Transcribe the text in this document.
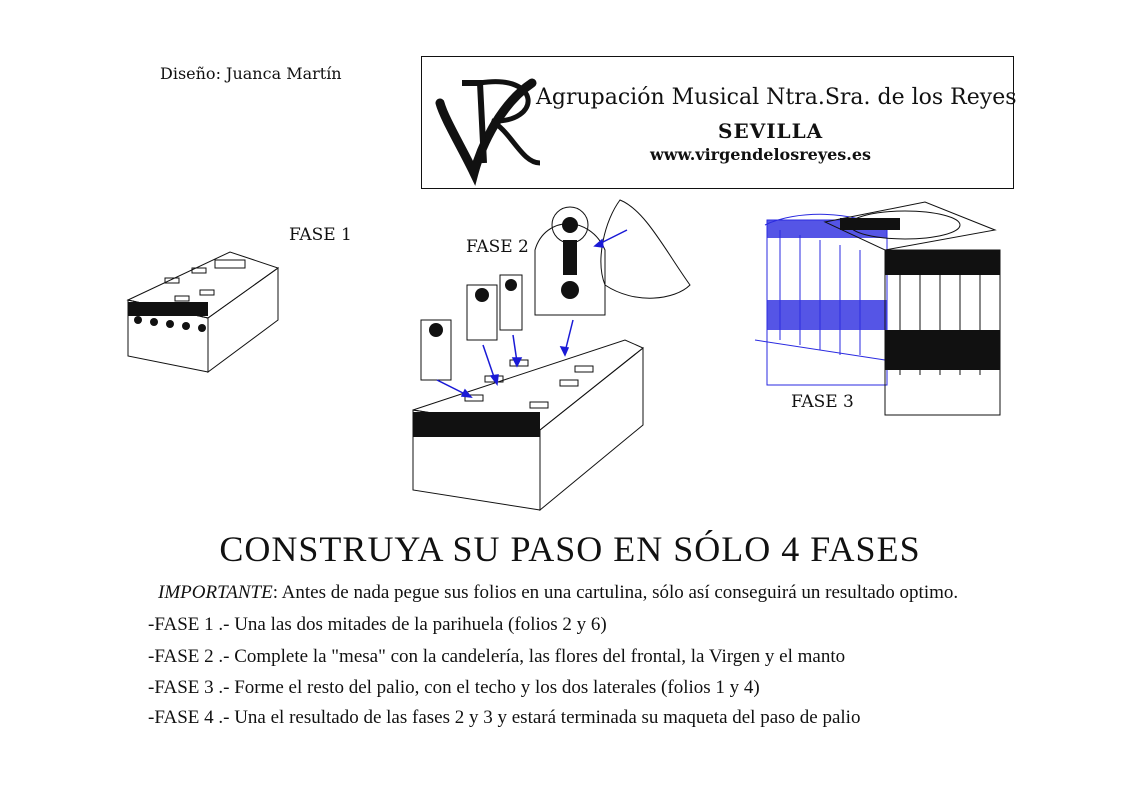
Diseño: Juanca Martín
VR
Agrupación Musical Ntra.Sra. de los Reyes
SEVILLA
www.virgendelosreyes.es
FASE 1
FASE 2
FASE 3
CONSTRUYA SU PASO EN SÓLO 4 FASES
IMPORTANTE: Antes de nada pegue sus folios en una cartulina, sólo así conseguirá un resultado optimo.
-FASE 1 .- Una las dos mitades de la parihuela (folios 2 y 6)
-FASE 2 .- Complete la "mesa" con la candelería, las flores del frontal, la Virgen y el manto
-FASE 3 .- Forme el resto del palio, con el techo y los dos laterales (folios 1 y 4)
-FASE 4 .- Una el resultado de las fases 2 y 3 y estará terminada su maqueta del paso de palio
